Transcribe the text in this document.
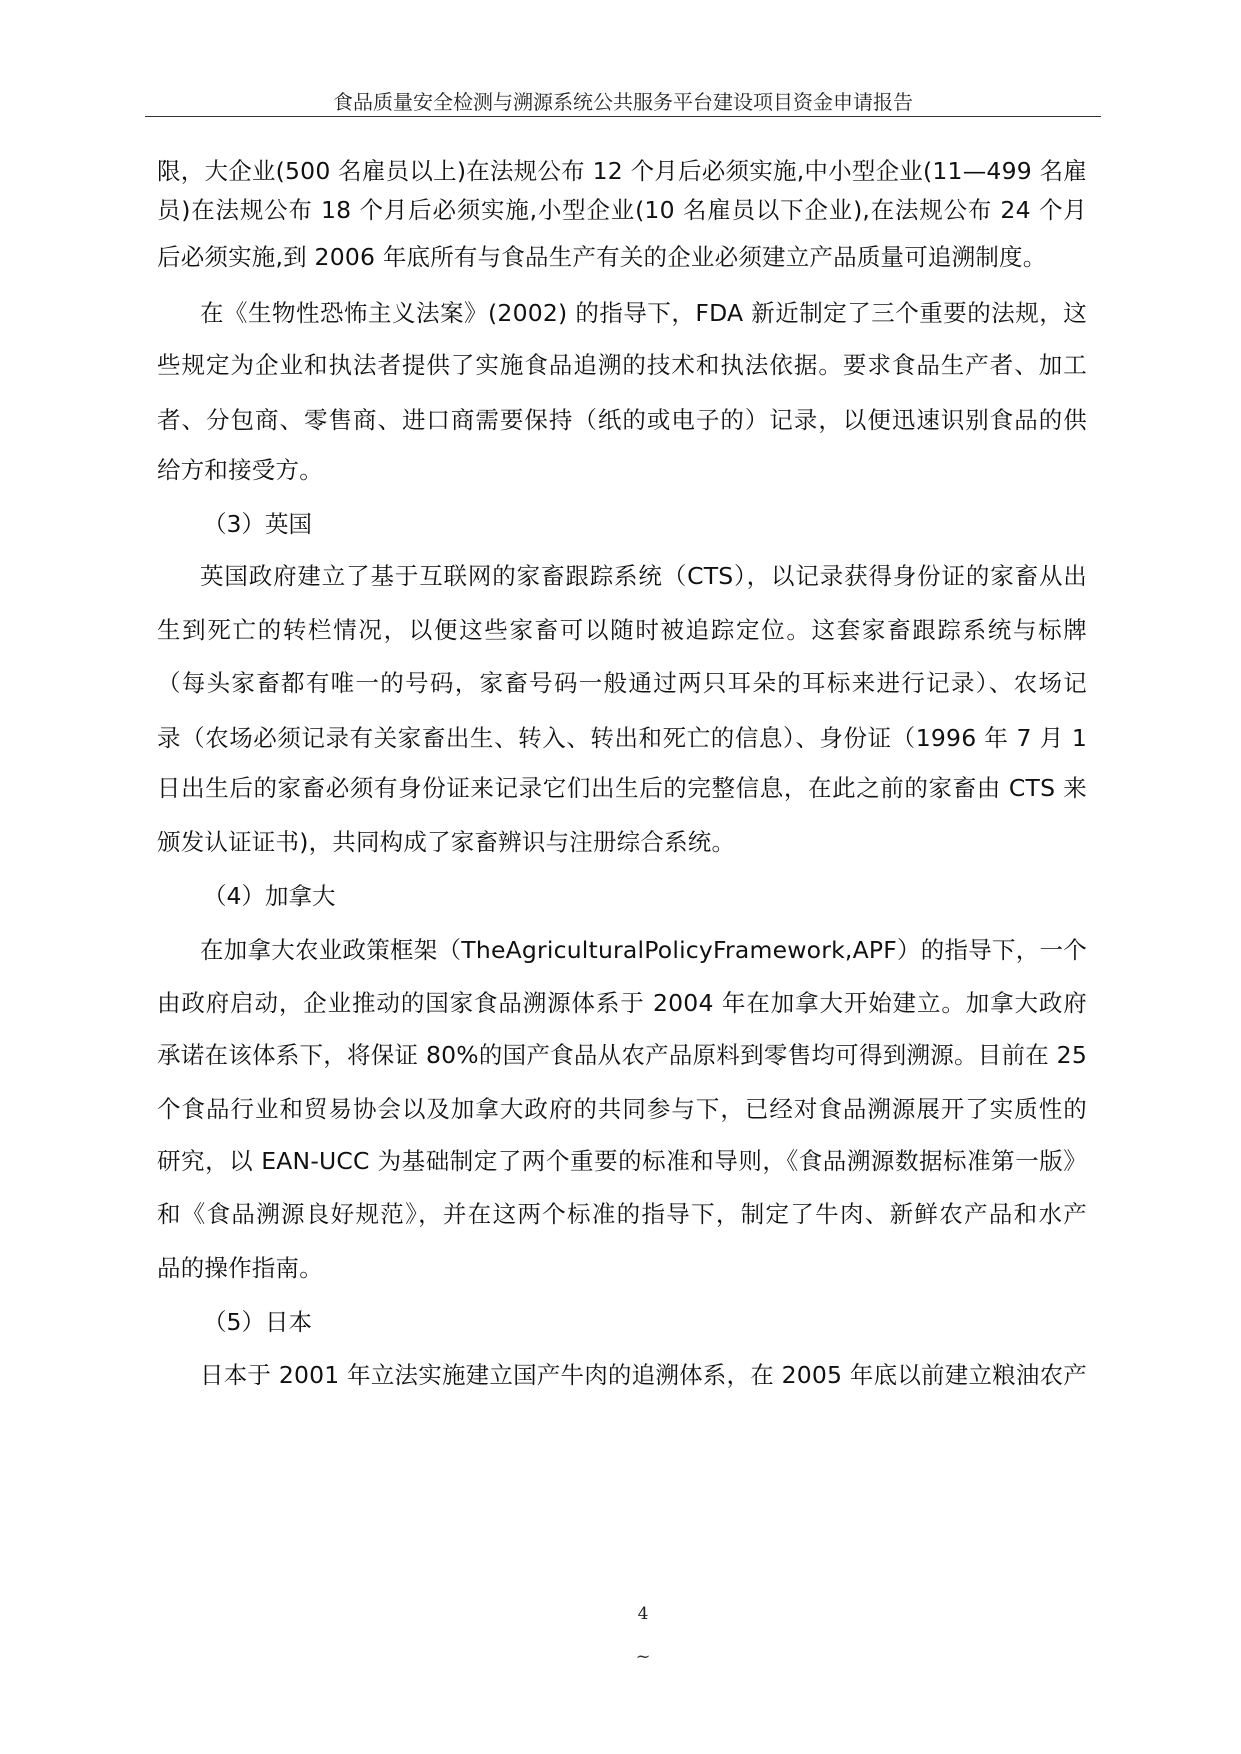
食品质量安全检测与溯源系统公共服务平台建设项目资金申请报告
限，大企业(500 名雇员以上)在法规公布 12 个月后必须实施,中小型企业(11—499 名雇
员)在法规公布 18 个月后必须实施,小型企业(10 名雇员以下企业),在法规公布 24 个月
后必须实施,到 2006 年底所有与食品生产有关的企业必须建立产品质量可追溯制度。
在《生物性恐怖主义法案》(2002) 的指导下，FDA 新近制定了三个重要的法规，这
些规定为企业和执法者提供了实施食品追溯的技术和执法依据。要求食品生产者、加工
者、分包商、零售商、进口商需要保持（纸的或电子的）记录，以便迅速识别食品的供
给方和接受方。
（3）英国
英国政府建立了基于互联网的家畜跟踪系统（CTS），以记录获得身份证的家畜从出
生到死亡的转栏情况，以便这些家畜可以随时被追踪定位。这套家畜跟踪系统与标牌
（每头家畜都有唯一的号码，家畜号码一般通过两只耳朵的耳标来进行记录）、农场记
录（农场必须记录有关家畜出生、转入、转出和死亡的信息）、身份证（1996 年 7 月 1
日出生后的家畜必须有身份证来记录它们出生后的完整信息，在此之前的家畜由 CTS 来
颁发认证证书)，共同构成了家畜辨识与注册综合系统。
（4）加拿大
在加拿大农业政策框架（TheAgriculturalPolicyFramework,APF）的指导下，一个
由政府启动，企业推动的国家食品溯源体系于 2004 年在加拿大开始建立。加拿大政府
承诺在该体系下，将保证 80%的国产食品从农产品原料到零售均可得到溯源。目前在 25
个食品行业和贸易协会以及加拿大政府的共同参与下，已经对食品溯源展开了实质性的
研究，以 EAN-UCC 为基础制定了两个重要的标准和导则，《食品溯源数据标准第一版》
和《食品溯源良好规范》，并在这两个标准的指导下，制定了牛肉、新鲜农产品和水产
品的操作指南。
（5）日本
日本于 2001 年立法实施建立国产牛肉的追溯体系，在 2005 年底以前建立粮油农产
4
~
